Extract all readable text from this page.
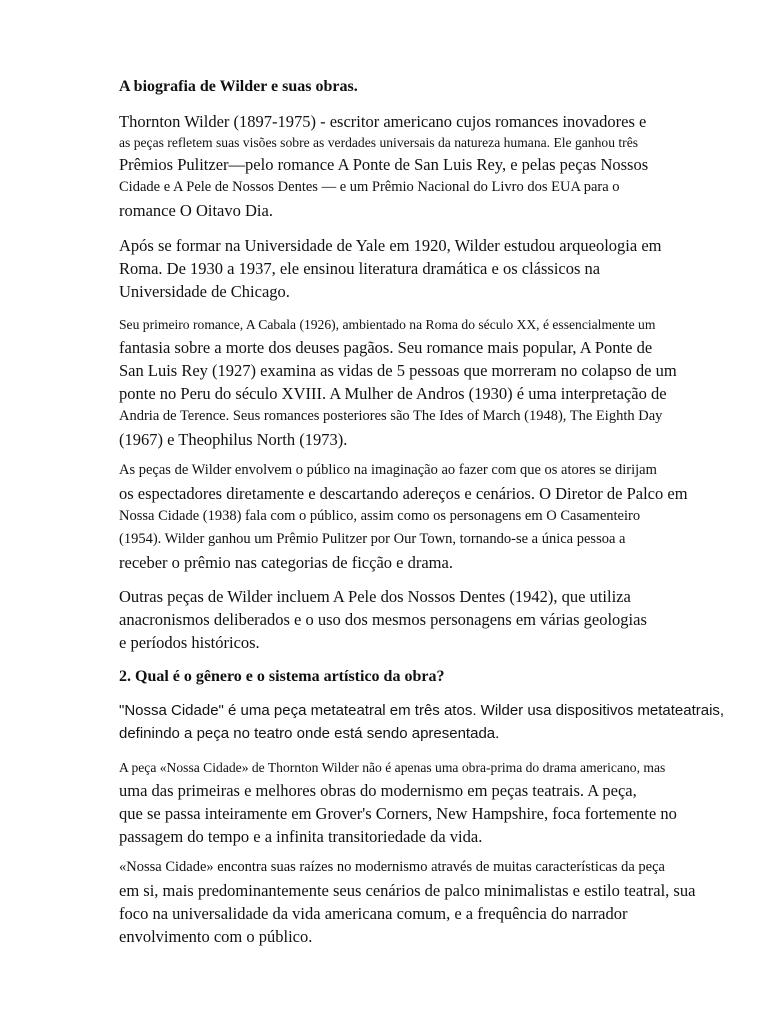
A biografia de Wilder e suas obras.
Thornton Wilder (1897-1975) - escritor americano cujos romances inovadores e
as peças refletem suas visões sobre as verdades universais da natureza humana. Ele ganhou três
Prêmios Pulitzer—pelo romance A Ponte de San Luis Rey, e pelas peças Nossos
Cidade e A Pele de Nossos Dentes — e um Prêmio Nacional do Livro dos EUA para o
romance O Oitavo Dia.
Após se formar na Universidade de Yale em 1920, Wilder estudou arqueologia em
Roma. De 1930 a 1937, ele ensinou literatura dramática e os clássicos na
Universidade de Chicago.
Seu primeiro romance, A Cabala (1926), ambientado na Roma do século XX, é essencialmente um
fantasia sobre a morte dos deuses pagãos. Seu romance mais popular, A Ponte de
San Luis Rey (1927) examina as vidas de 5 pessoas que morreram no colapso de um
ponte no Peru do século XVIII. A Mulher de Andros (1930) é uma interpretação de
Andria de Terence. Seus romances posteriores são The Ides of March (1948), The Eighth Day
(1967) e Theophilus North (1973).
As peças de Wilder envolvem o público na imaginação ao fazer com que os atores se dirijam
os espectadores diretamente e descartando adereços e cenários. O Diretor de Palco em
Nossa Cidade (1938) fala com o público, assim como os personagens em O Casamenteiro
(1954). Wilder ganhou um Prêmio Pulitzer por Our Town, tornando-se a única pessoa a
receber o prêmio nas categorias de ficção e drama.
Outras peças de Wilder incluem A Pele dos Nossos Dentes (1942), que utiliza
anacronismos deliberados e o uso dos mesmos personagens em várias geologias
e períodos históricos.
2. Qual é o gênero e o sistema artístico da obra?
"Nossa Cidade" é uma peça metateatral em três atos. Wilder usa dispositivos metateatrais,
definindo a peça no teatro onde está sendo apresentada.
A peça «Nossa Cidade» de Thornton Wilder não é apenas uma obra-prima do drama americano, mas
uma das primeiras e melhores obras do modernismo em peças teatrais. A peça,
que se passa inteiramente em Grover's Corners, New Hampshire, foca fortemente no
passagem do tempo e a infinita transitoriedade da vida.
«Nossa Cidade» encontra suas raízes no modernismo através de muitas características da peça
em si, mais predominantemente seus cenários de palco minimalistas e estilo teatral, sua
foco na universalidade da vida americana comum, e a frequência do narrador
envolvimento com o público.
